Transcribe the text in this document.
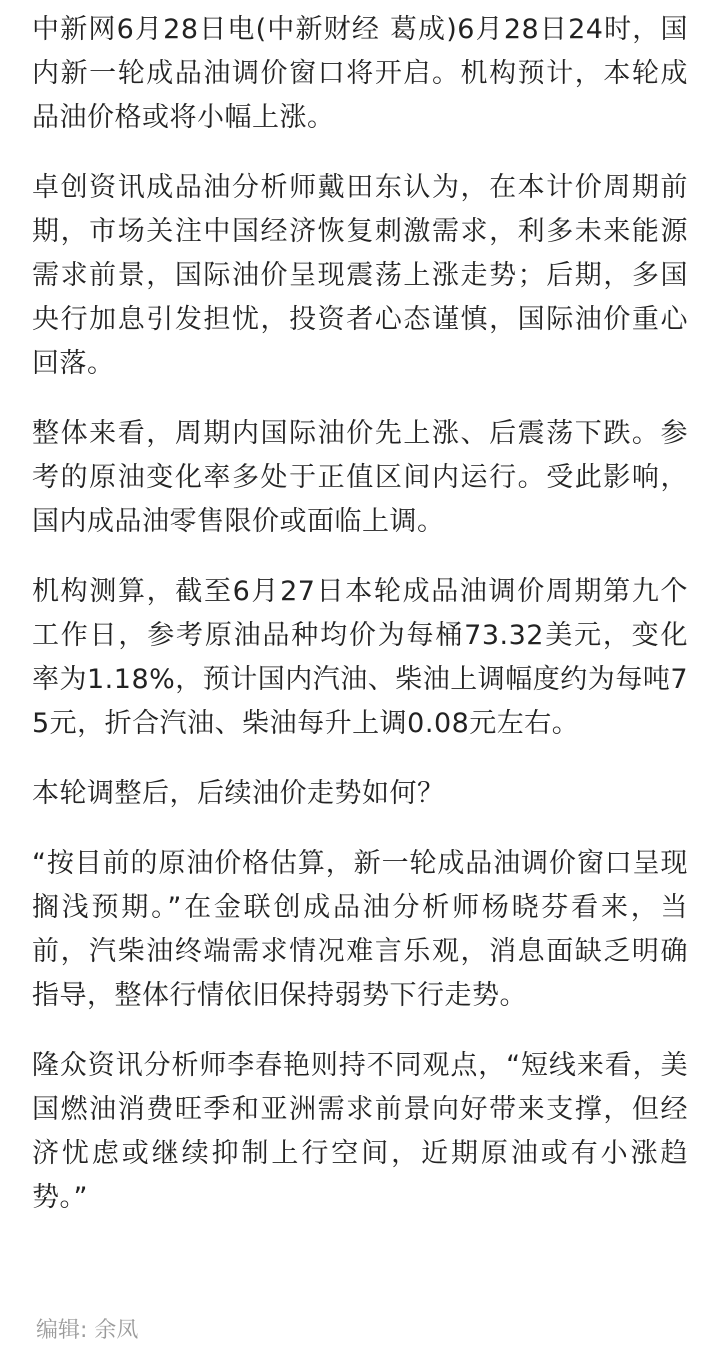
中新网6月28日电(中新财经 葛成)6月28日24时，国内新一轮成品油调价窗口将开启。机构预计，本轮成品油价格或将小幅上涨。

卓创资讯成品油分析师戴田东认为，在本计价周期前期，市场关注中国经济恢复刺激需求，利多未来能源需求前景，国际油价呈现震荡上涨走势；后期，多国央行加息引发担忧，投资者心态谨慎，国际油价重心回落。

整体来看，周期内国际油价先上涨、后震荡下跌。参考的原油变化率多处于正值区间内运行。受此影响，国内成品油零售限价或面临上调。

机构测算，截至6月27日本轮成品油调价周期第九个工作日，参考原油品种均价为每桶73.32美元，变化率为1.18%，预计国内汽油、柴油上调幅度约为每吨75元，折合汽油、柴油每升上调0.08元左右。

本轮调整后，后续油价走势如何？

“按目前的原油价格估算，新一轮成品油调价窗口呈现搁浅预期。”在金联创成品油分析师杨晓芬看来，当前，汽柴油终端需求情况难言乐观，消息面缺乏明确指导，整体行情依旧保持弱势下行走势。

隆众资讯分析师李春艳则持不同观点，“短线来看，美国燃油消费旺季和亚洲需求前景向好带来支撑，但经济忧虑或继续抑制上行空间，近期原油或有小涨趋势。”

编辑: 余凤
